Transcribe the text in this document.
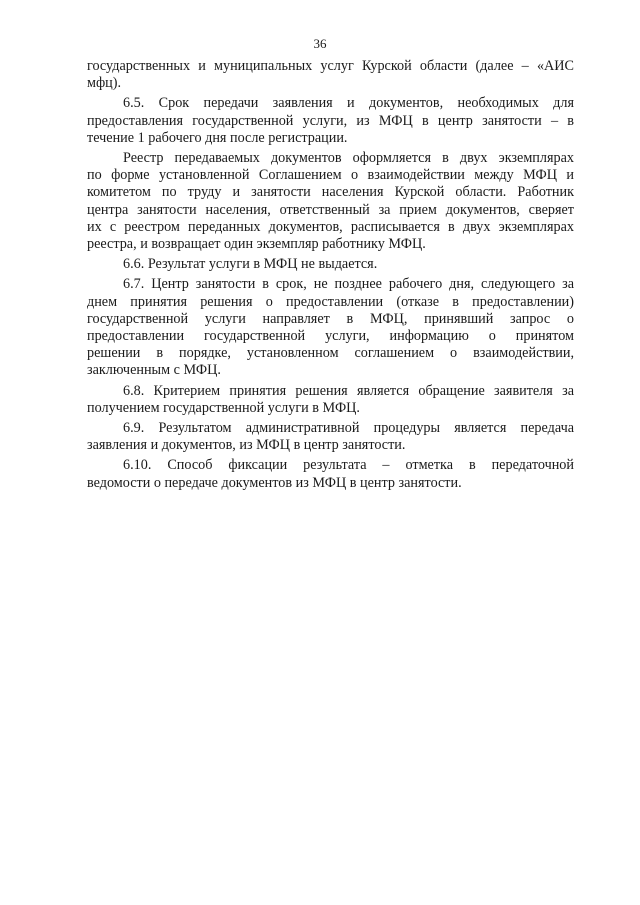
36

государственных и муниципальных услуг Курской области (далее – «АИС
мфц).

6.5. Срок передачи заявления и документов, необходимых для
предоставления государственной услуги, из МФЦ в центр занятости – в
течение 1 рабочего дня после регистрации.

Реестр передаваемых документов оформляется в двух экземплярах
по форме установленной Соглашением о взаимодействии между МФЦ и
комитетом по труду и занятости населения Курской области. Работник
центра занятости населения, ответственный за прием документов, сверяет
их с реестром переданных документов, расписывается в двух экземплярах
реестра, и возвращает один экземпляр работнику МФЦ.

6.6. Результат услуги в МФЦ не выдается.

6.7. Центр занятости в срок, не позднее рабочего дня, следующего за
днем принятия решения о предоставлении (отказе в предоставлении)
государственной услуги направляет в МФЦ, принявший запрос о
предоставлении государственной услуги, информацию о принятом
решении в порядке, установленном соглашением о взаимодействии,
заключенным с МФЦ.

6.8. Критерием принятия решения является обращение заявителя за
получением государственной услуги в МФЦ.

6.9. Результатом административной процедуры является передача
заявления и документов, из МФЦ в центр занятости.

6.10. Способ фиксации результата – отметка в передаточной
ведомости о передаче документов из МФЦ в центр занятости.
